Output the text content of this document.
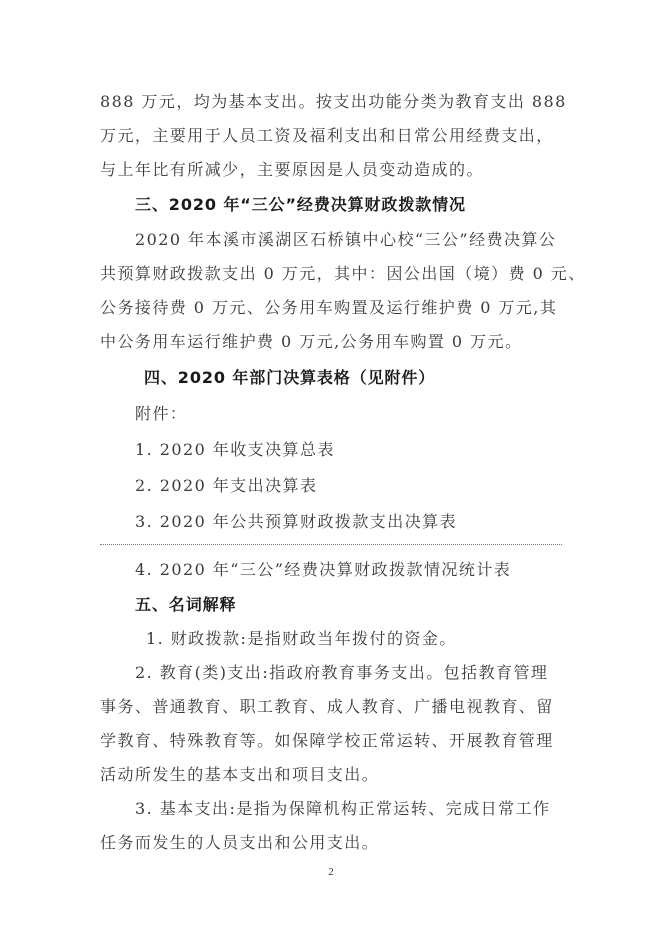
888 万元，均为基本支出。按支出功能分类为教育支出 888
万元，主要用于人员工资及福利支出和日常公用经费支出，
与上年比有所减少，主要原因是人员变动造成的。
三、2020 年“三公”经费决算财政拨款情况
2020 年本溪市溪湖区石桥镇中心校“三公”经费决算公
共预算财政拨款支出 0 万元，其中：因公出国（境）费 0 元、
公务接待费 0 万元、公务用车购置及运行维护费 0 万元,其
中公务用车运行维护费 0 万元,公务用车购置 0 万元。
四、2020 年部门决算表格（见附件）
附件：
1. 2020 年收支决算总表
2. 2020 年支出决算表
3. 2020 年公共预算财政拨款支出决算表
4. 2020 年“三公”经费决算财政拨款情况统计表
五、名词解释
1. 财政拨款:是指财政当年拨付的资金。
2. 教育(类)支出:指政府教育事务支出。包括教育管理
事务、普通教育、职工教育、成人教育、广播电视教育、留
学教育、特殊教育等。如保障学校正常运转、开展教育管理
活动所发生的基本支出和项目支出。
3. 基本支出:是指为保障机构正常运转、完成日常工作
任务而发生的人员支出和公用支出。
2
